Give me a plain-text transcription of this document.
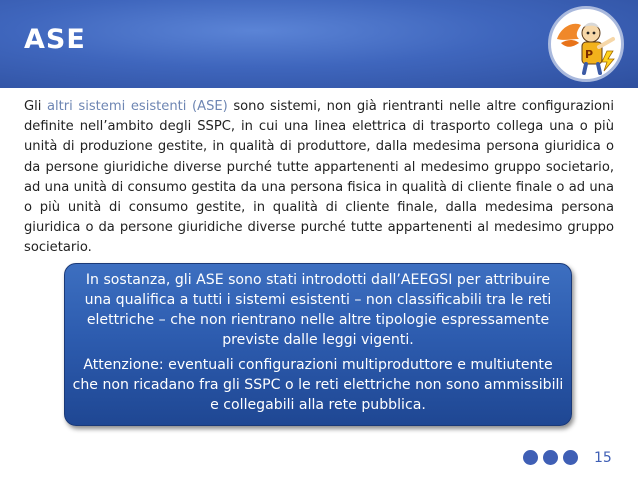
ASE	P
Gli altri sistemi esistenti (ASE) sono sistemi, non già rientranti nelle altre configurazioni definite nell’ambito degli SSPC, in cui una linea elettrica di trasporto collega una o più unità di produzione gestite, in qualità di produttore, dalla medesima persona giuridica o da persone giuridiche diverse purché tutte appartenenti al medesimo gruppo societario, ad una unità di consumo gestita da una persona fisica in qualità di cliente finale o ad una o più unità di consumo gestite, in qualità di cliente finale, dalla medesima persona giuridica o da persone giuridiche diverse purché tutte appartenenti al medesimo gruppo societario.

In sostanza, gli ASE sono stati introdotti dall’AEEGSI per attribuire una qualifica a tutti i sistemi esistenti – non classificabili tra le reti elettriche – che non rientrano nelle altre tipologie espressamente previste dalle leggi vigenti.

Attenzione: eventuali configurazioni multiproduttore e multiutente che non ricadano fra gli SSPC o le reti elettriche non sono ammissibili e collegabili alla rete pubblica.

15
